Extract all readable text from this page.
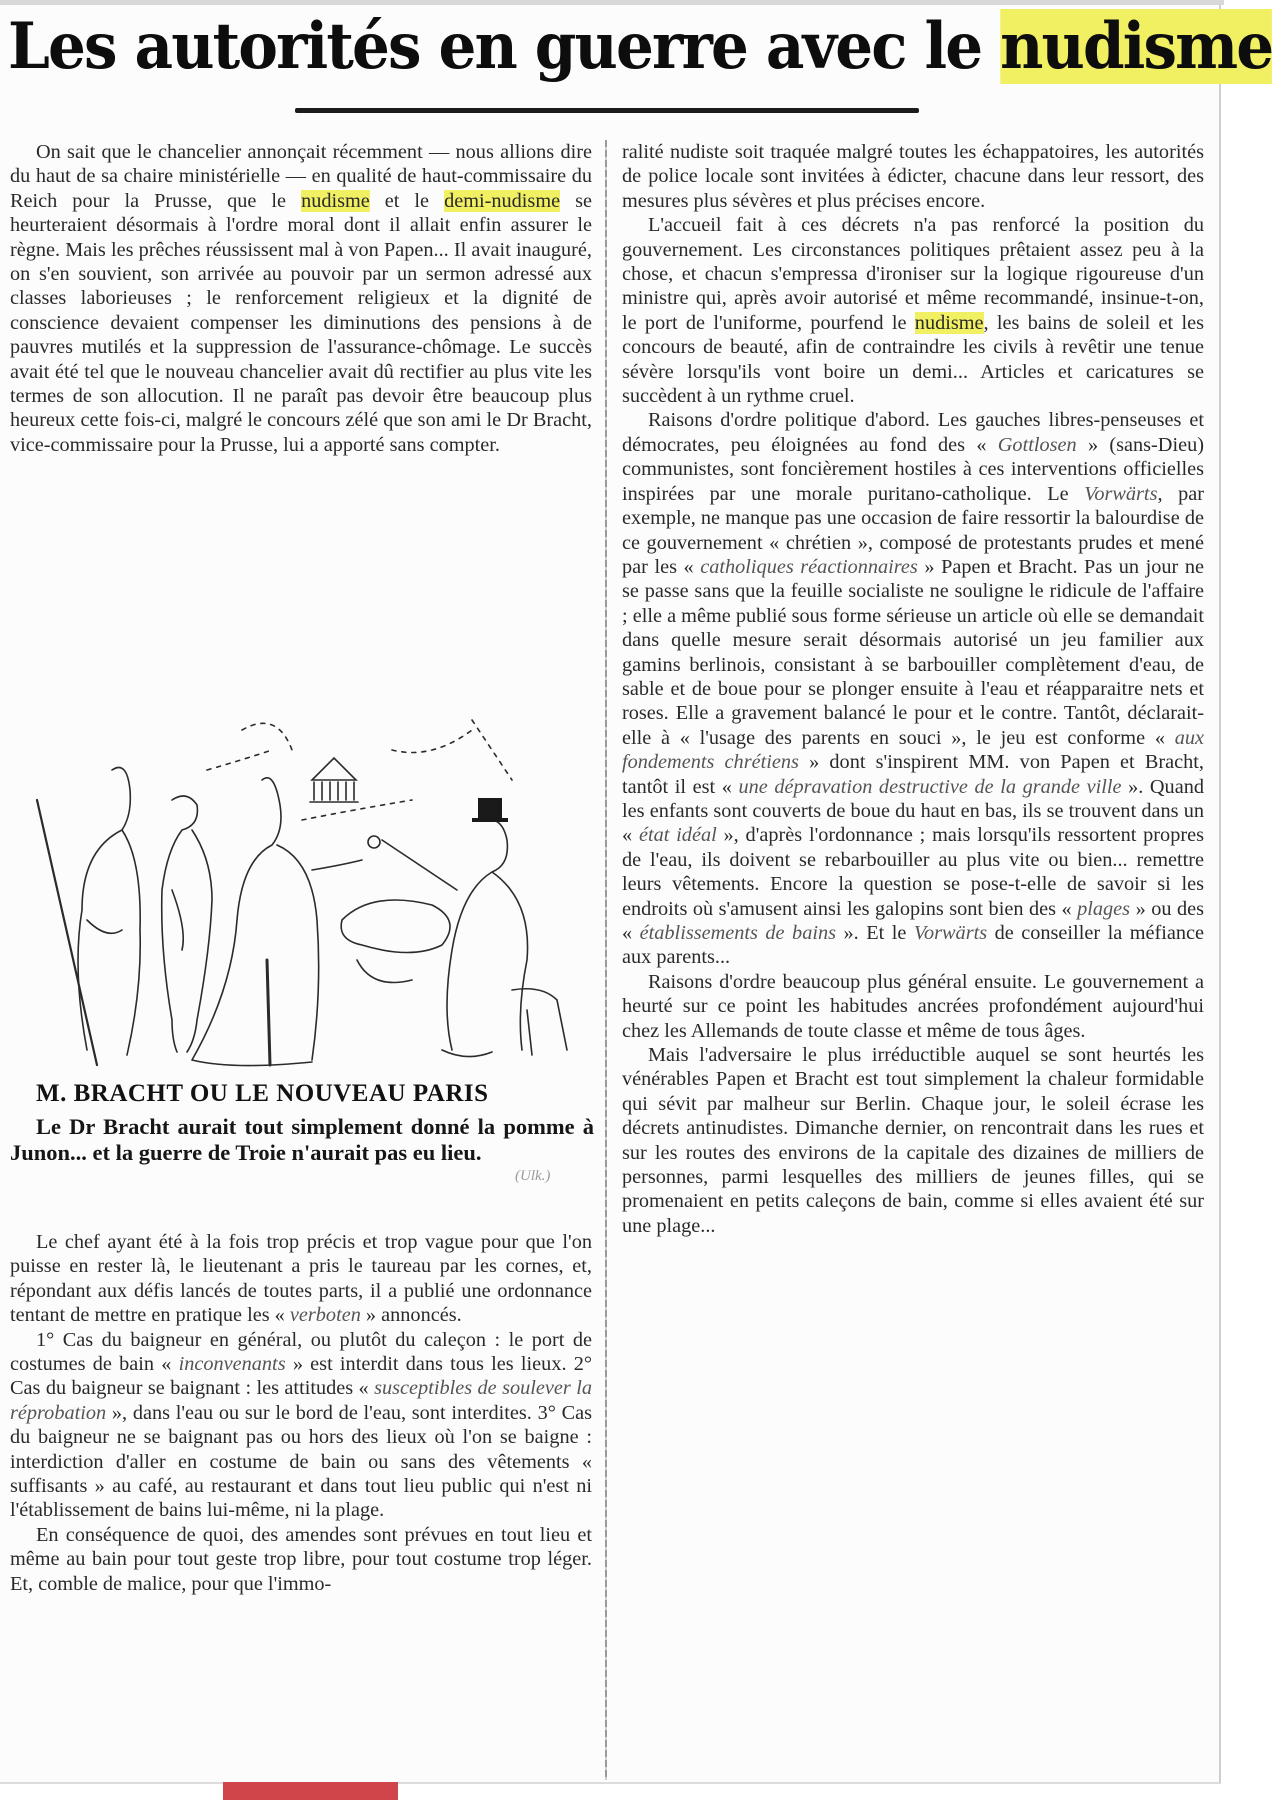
Les autorités en guerre avec le nudisme

On sait que le chancelier annonçait récemment — nous allions dire du haut de sa chaire ministérielle — en qualité de haut-commissaire du Reich pour la Prusse, que le nudisme et le demi-nudisme se heurteraient désormais à l'ordre moral dont il allait enfin assurer le règne. Mais les prêches réussissent mal à von Papen... Il avait inauguré, on s'en souvient, son arrivée au pouvoir par un sermon adressé aux classes laborieuses ; le renforcement religieux et la dignité de conscience devaient compenser les diminutions des pensions à de pauvres mutilés et la suppression de l'assurance-chômage. Le succès avait été tel que le nouveau chancelier avait dû rectifier au plus vite les termes de son allocution. Il ne paraît pas devoir être beaucoup plus heureux cette fois-ci, malgré le concours zélé que son ami le Dr Bracht, vice-commissaire pour la Prusse, lui a apporté sans compter.

M. BRACHT OU LE NOUVEAU PARIS

Le Dr Bracht aurait tout simplement donné la pomme à Junon... et la guerre de Troie n'aurait pas eu lieu.

(Ulk.)

Le chef ayant été à la fois trop précis et trop vague pour que l'on puisse en rester là, le lieutenant a pris le taureau par les cornes, et, répondant aux défis lancés de toutes parts, il a publié une ordonnance tentant de mettre en pratique les « verboten » annoncés.

1° Cas du baigneur en général, ou plutôt du caleçon : le port de costumes de bain « inconvenants » est interdit dans tous les lieux. 2° Cas du baigneur se baignant : les attitudes « susceptibles de soulever la réprobation », dans l'eau ou sur le bord de l'eau, sont interdites. 3° Cas du baigneur ne se baignant pas ou hors des lieux où l'on se baigne : interdiction d'aller en costume de bain ou sans des vêtements « suffisants » au café, au restaurant et dans tout lieu public qui n'est ni l'établissement de bains lui-même, ni la plage.

En conséquence de quoi, des amendes sont prévues en tout lieu et même au bain pour tout geste trop libre, pour tout costume trop léger. Et, comble de malice, pour que l'immo-

ralité nudiste soit traquée malgré toutes les échappatoires, les autorités de police locale sont invitées à édicter, chacune dans leur ressort, des mesures plus sévères et plus précises encore.

L'accueil fait à ces décrets n'a pas renforcé la position du gouvernement. Les circonstances politiques prêtaient assez peu à la chose, et chacun s'empressa d'ironiser sur la logique rigoureuse d'un ministre qui, après avoir autorisé et même recommandé, insinue-t-on, le port de l'uniforme, pourfend le nudisme, les bains de soleil et les concours de beauté, afin de contraindre les civils à revêtir une tenue sévère lorsqu'ils vont boire un demi... Articles et caricatures se succèdent à un rythme cruel.

Raisons d'ordre politique d'abord. Les gauches libres-penseuses et démocrates, peu éloignées au fond des « Gottlosen » (sans-Dieu) communistes, sont foncièrement hostiles à ces interventions officielles inspirées par une morale puritano-catholique. Le Vorwärts, par exemple, ne manque pas une occasion de faire ressortir la balourdise de ce gouvernement « chrétien », composé de protestants prudes et mené par les « catholiques réactionnaires » Papen et Bracht. Pas un jour ne se passe sans que la feuille socialiste ne souligne le ridicule de l'affaire ; elle a même publié sous forme sérieuse un article où elle se demandait dans quelle mesure serait désormais autorisé un jeu familier aux gamins berlinois, consistant à se barbouiller complètement d'eau, de sable et de boue pour se plonger ensuite à l'eau et réapparaitre nets et roses. Elle a gravement balancé le pour et le contre. Tantôt, déclarait-elle à « l'usage des parents en souci », le jeu est conforme « aux fondements chrétiens » dont s'inspirent MM. von Papen et Bracht, tantôt il est « une dépravation destructive de la grande ville ». Quand les enfants sont couverts de boue du haut en bas, ils se trouvent dans un « état idéal », d'après l'ordonnance ; mais lorsqu'ils ressortent propres de l'eau, ils doivent se rebarbouiller au plus vite ou bien... remettre leurs vêtements. Encore la question se pose-t-elle de savoir si les endroits où s'amusent ainsi les galopins sont bien des « plages » ou des « établissements de bains ». Et le Vorwärts de conseiller la méfiance aux parents...

Raisons d'ordre beaucoup plus général ensuite. Le gouvernement a heurté sur ce point les habitudes ancrées profondément aujourd'hui chez les Allemands de toute classe et même de tous âges.

Mais l'adversaire le plus irréductible auquel se sont heurtés les vénérables Papen et Bracht est tout simplement la chaleur formidable qui sévit par malheur sur Berlin. Chaque jour, le soleil écrase les décrets antinudistes. Dimanche dernier, on rencontrait dans les rues et sur les routes des environs de la capitale des dizaines de milliers de personnes, parmi lesquelles des milliers de jeunes filles, qui se promenaient en petits caleçons de bain, comme si elles avaient été sur une plage...
